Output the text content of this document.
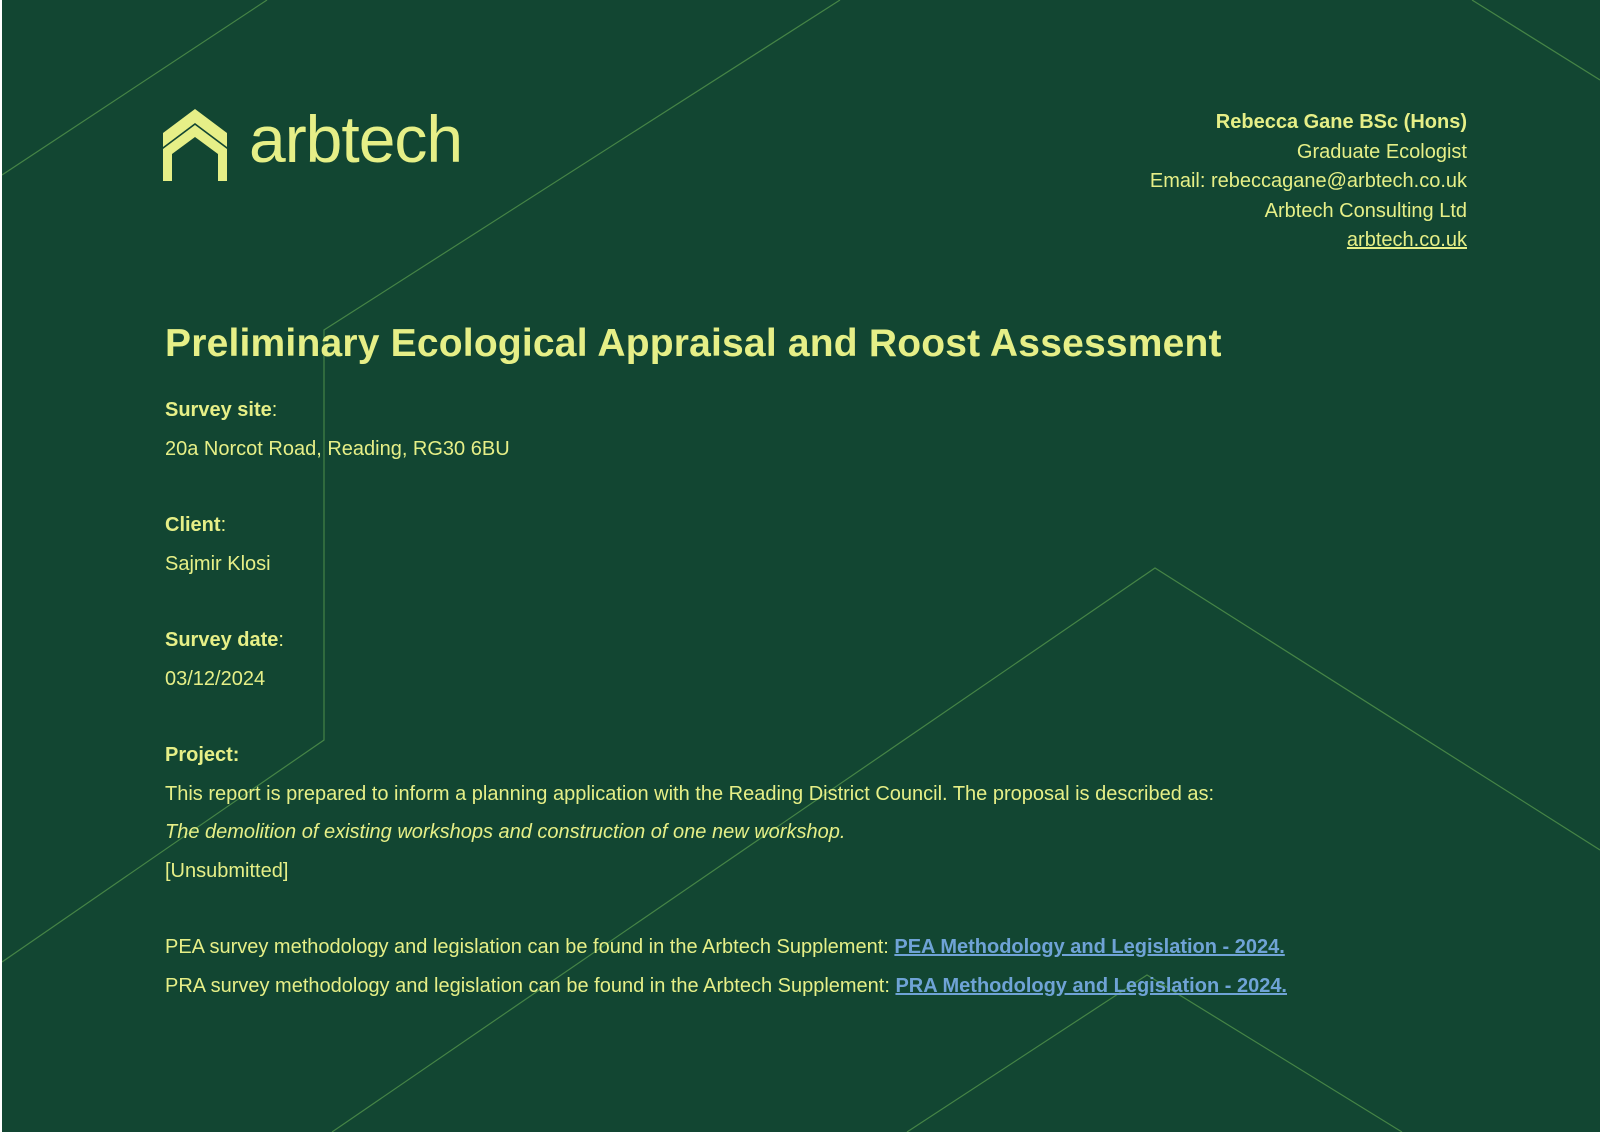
arbtech	Rebecca Gane BSc (Hons)
Graduate Ecologist
Email: rebeccagane@arbtech.co.uk
Arbtech Consulting Ltd
arbtech.co.uk
Preliminary Ecological Appraisal and Roost Assessment
Survey site:
20a Norcot Road, Reading, RG30 6BU
Client:
Sajmir Klosi
Survey date:
03/12/2024
Project:
This report is prepared to inform a planning application with the Reading District Council. The proposal is described as:
The demolition of existing workshops and construction of one new workshop.
[Unsubmitted]
PEA survey methodology and legislation can be found in the Arbtech Supplement: PEA Methodology and Legislation - 2024.
PRA survey methodology and legislation can be found in the Arbtech Supplement: PRA Methodology and Legislation - 2024.
